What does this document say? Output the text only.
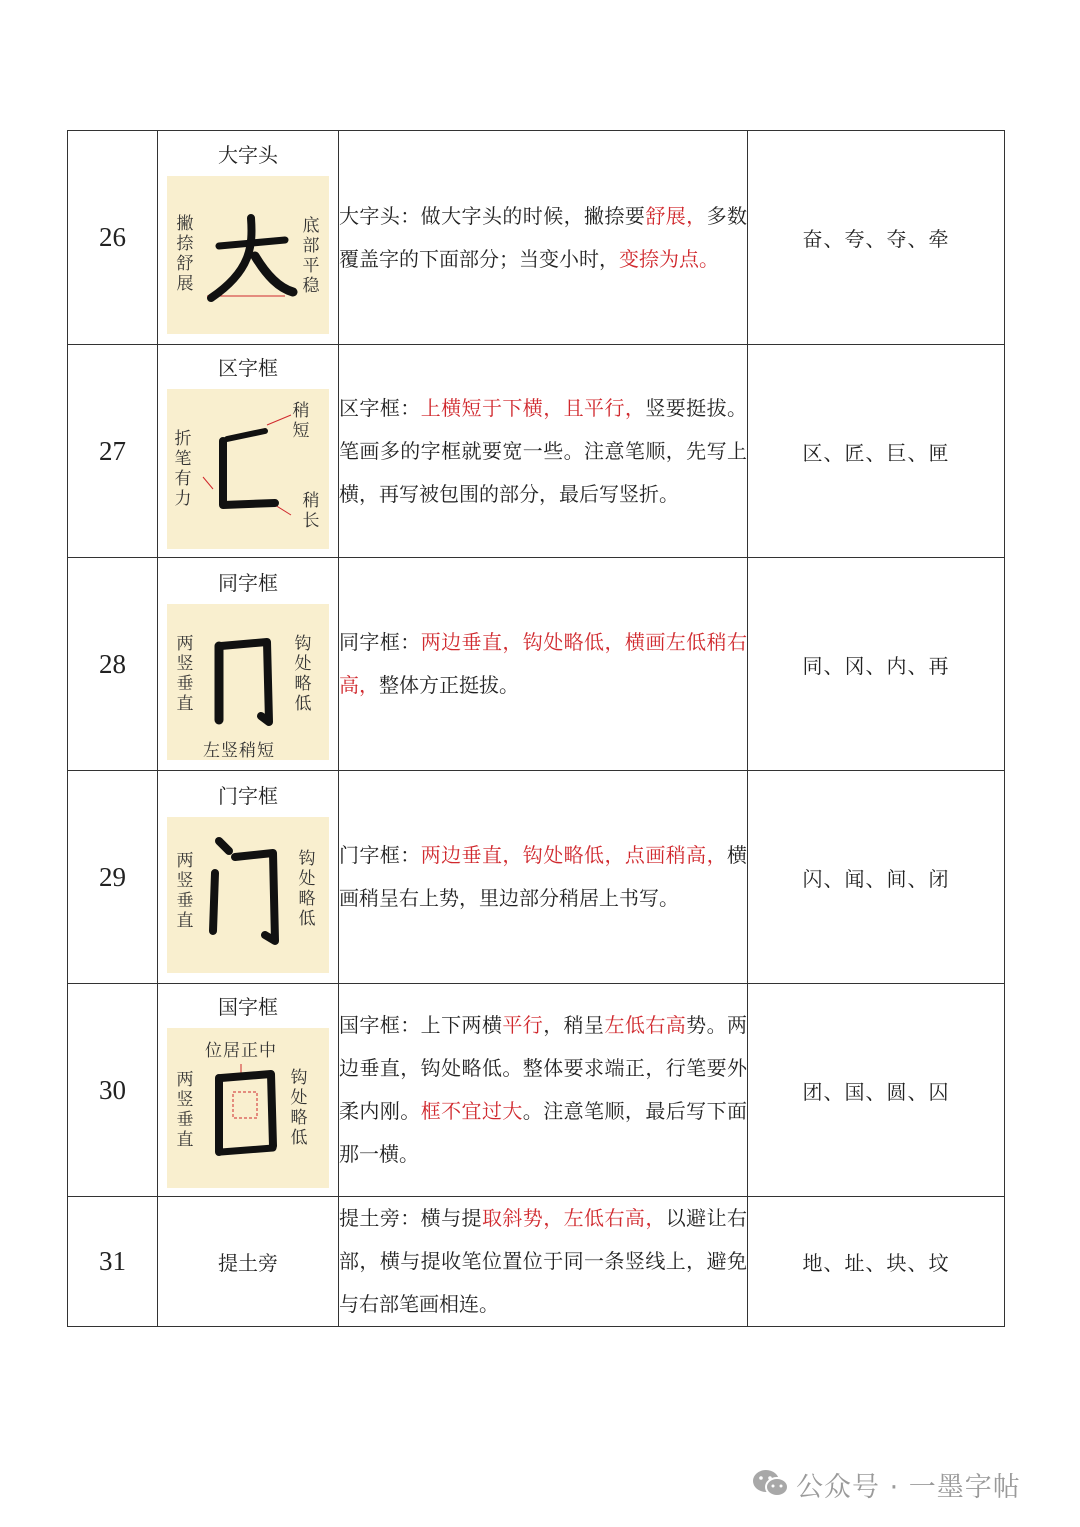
26	大字头
撇捺舒展
底部平稳	大字头：做大字头的时候，撇捺要舒展，多数覆盖字的下面部分；当变小时，变捺为点。	奋、夸、夺、牵
27	区字框
折笔有力
稍短
稍长	区字框：上横短于下横，且平行，竖要挺拔。笔画多的字框就要宽一些。注意笔顺，先写上横，再写被包围的部分，最后写竖折。	区、匠、巨、匣
28	同字框
两竖垂直
钩处略低
左竖稍短	同字框：两边垂直，钩处略低，横画左低稍右高，整体方正挺拔。	同、冈、内、再
29	门字框
两竖垂直
钩处略低	门字框：两边垂直，钩处略低，点画稍高，横画稍呈右上势，里边部分稍居上书写。	闪、闻、间、闭
30	国字框
位居正中
两竖垂直
钩处略低	国字框：上下两横平行，稍呈左低右高势。两边垂直，钩处略低。整体要求端正，行笔要外柔内刚。框不宜过大。注意笔顺，最后写下面那一横。	团、国、圆、囚
31	提土旁	提土旁：横与提取斜势，左低右高，以避让右部，横与提收笔位置位于同一条竖线上，避免与右部笔画相连。	地、址、块、坟
公众号 · 一墨字帖
